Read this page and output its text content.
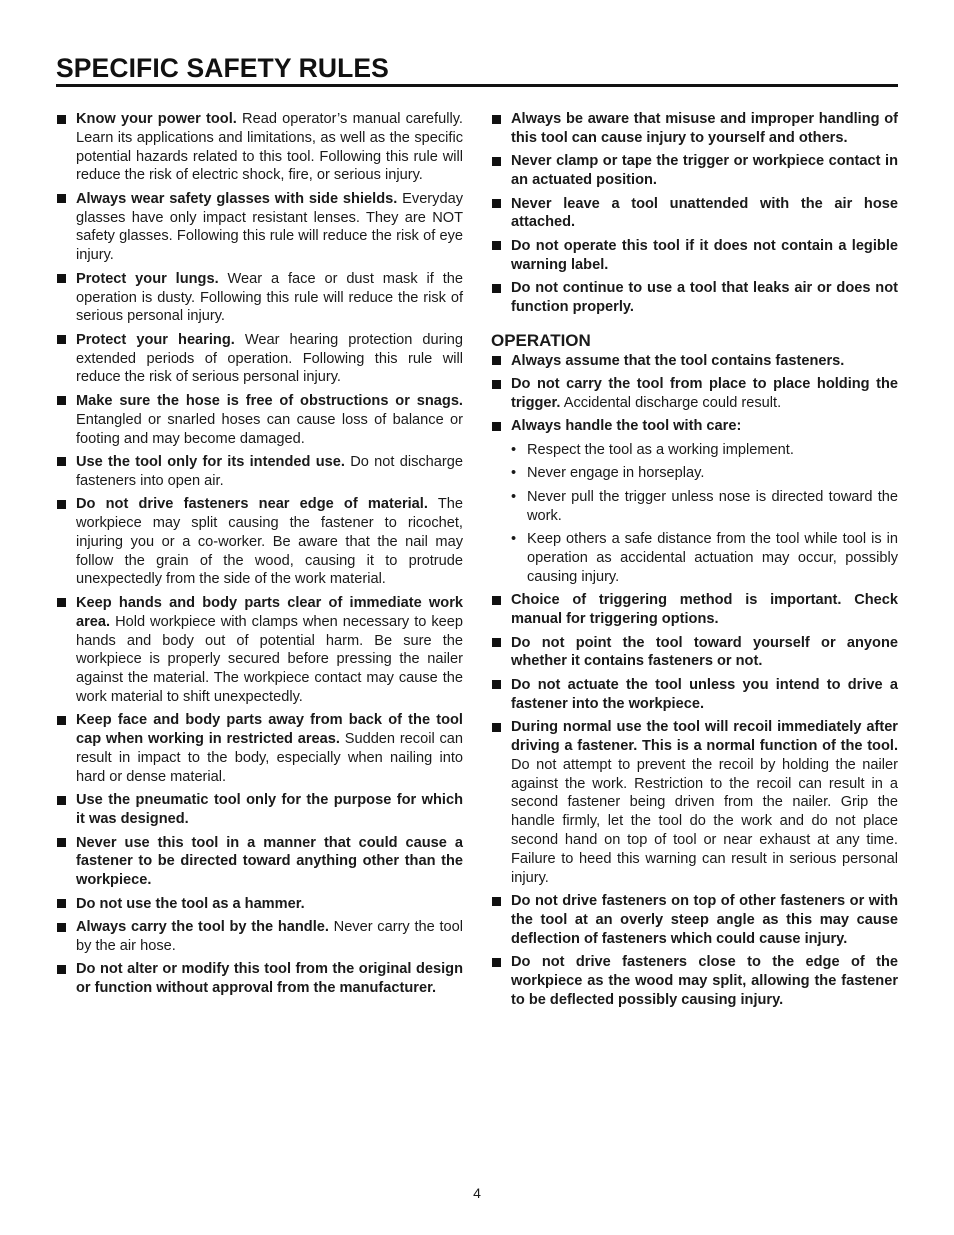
SPECIFIC SAFETY RULES
Know your power tool. Read operator’s manual carefully. Learn its applications and limitations, as well as the specific potential hazards related to this tool. Following this rule will reduce the risk of electric shock, fire, or serious injury.
Always wear safety glasses with side shields. Everyday glasses have only impact resistant lenses. They are NOT safety glasses. Following this rule will reduce the risk of eye injury.
Protect your lungs. Wear a face or dust mask if the operation is dusty. Following this rule will reduce the risk of serious personal injury.
Protect your hearing. Wear hearing protection during extended periods of operation. Following this rule will reduce the risk of serious personal injury.
Make sure the hose is free of obstructions or snags. Entangled or snarled hoses can cause loss of balance or footing and may become damaged.
Use the tool only for its intended use. Do not discharge fasteners into open air.
Do not drive fasteners near edge of material. The workpiece may split causing the fastener to ricochet, injuring you or a co-worker. Be aware that the nail may follow the grain of the wood, causing it to protrude unexpectedly from the side of the work material.
Keep hands and body parts clear of immediate work area. Hold workpiece with clamps when necessary to keep hands and body out of potential harm. Be sure the workpiece is properly secured before pressing the nailer against the material. The workpiece contact may cause the work material to shift unexpectedly.
Keep face and body parts away from back of the tool cap when working in restricted areas. Sudden recoil can result in impact to the body, especially when nailing into hard or dense material.
Use the pneumatic tool only for the purpose for which it was designed.
Never use this tool in a manner that could cause a fastener to be directed toward anything other than the workpiece.
Do not use the tool as a hammer.
Always carry the tool by the handle. Never carry the tool by the air hose.
Do not alter or modify this tool from the original design or function without approval from the manufacturer.
Always be aware that misuse and improper handling of this tool can cause injury to yourself and others.
Never clamp or tape the trigger or workpiece contact in an actuated position.
Never leave a tool unattended with the air hose attached.
Do not operate this tool if it does not contain a legible warning label.
Do not continue to use a tool that leaks air or does not function properly.
OPERATION
Always assume that the tool contains fasteners.
Do not carry the tool from place to place holding the trigger. Accidental discharge could result.
Always handle the tool with care:
• Respect the tool as a working implement.
• Never engage in horseplay.
• Never pull the trigger unless nose is directed toward the work.
• Keep others a safe distance from the tool while tool is in operation as accidental actuation may occur, possibly causing injury.
Choice of triggering method is important. Check manual for triggering options.
Do not point the tool toward yourself or anyone whether it contains fasteners or not.
Do not actuate the tool unless you intend to drive a fastener into the workpiece.
During normal use the tool will recoil immediately after driving a fastener. This is a normal function of the tool. Do not attempt to prevent the recoil by holding the nailer against the work. Restriction to the recoil can result in a second fastener being driven from the nailer. Grip the handle firmly, let the tool do the work and do not place second hand on top of tool or near exhaust at any time. Failure to heed this warning can result in serious personal injury.
Do not drive fasteners on top of other fasteners or with the tool at an overly steep angle as this may cause deflection of fasteners which could cause injury.
Do not drive fasteners close to the edge of the workpiece as the wood may split, allowing the fastener to be deflected possibly causing injury.
4
